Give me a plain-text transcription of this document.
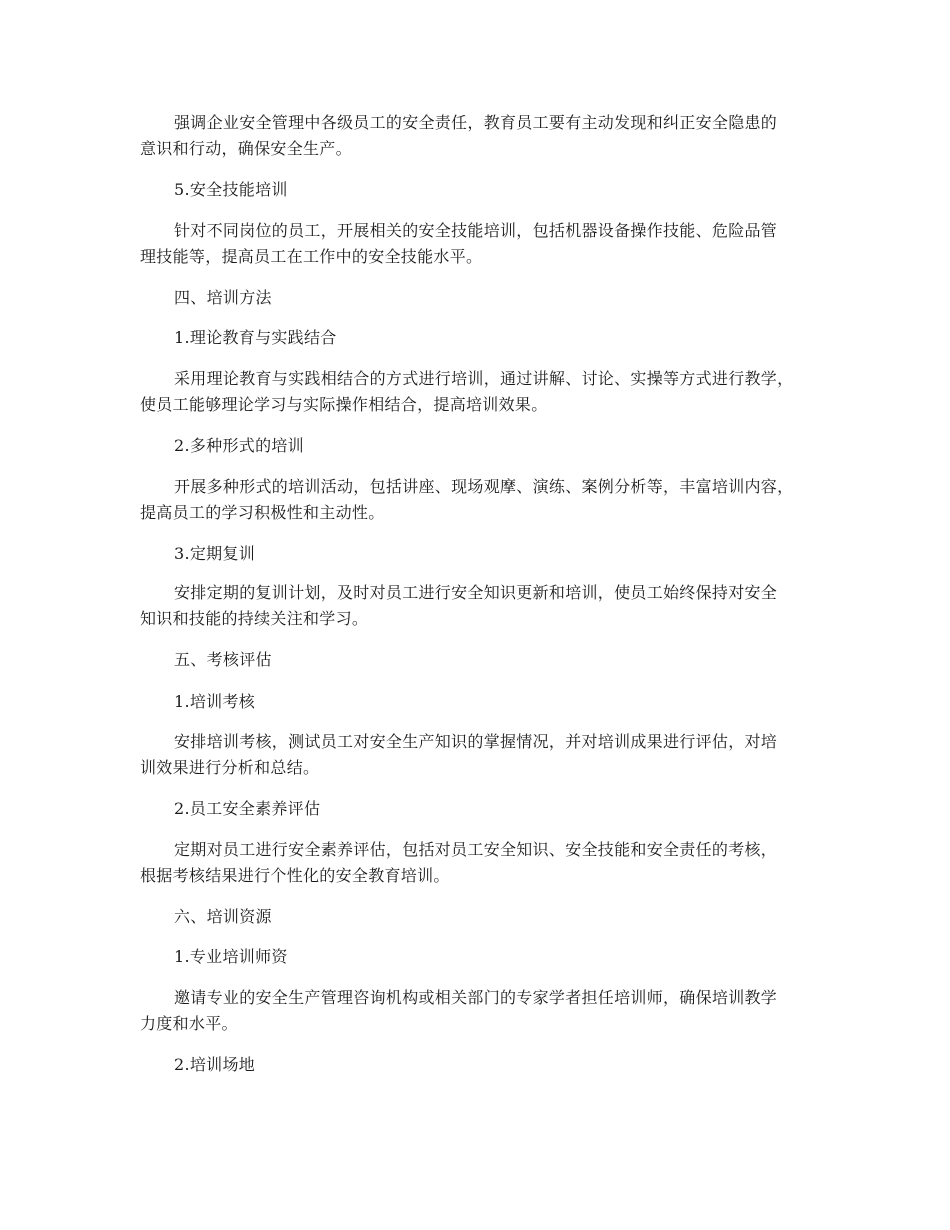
强调企业安全管理中各级员工的安全责任，教育员工要有主动发现和纠正安全隐患的
意识和行动，确保安全生产。
5.安全技能培训
针对不同岗位的员工，开展相关的安全技能培训，包括机器设备操作技能、危险品管
理技能等，提高员工在工作中的安全技能水平。
四、培训方法
1.理论教育与实践结合
采用理论教育与实践相结合的方式进行培训，通过讲解、讨论、实操等方式进行教学，
使员工能够理论学习与实际操作相结合，提高培训效果。
2.多种形式的培训
开展多种形式的培训活动，包括讲座、现场观摩、演练、案例分析等，丰富培训内容，
提高员工的学习积极性和主动性。
3.定期复训
安排定期的复训计划，及时对员工进行安全知识更新和培训，使员工始终保持对安全
知识和技能的持续关注和学习。
五、考核评估
1.培训考核
安排培训考核，测试员工对安全生产知识的掌握情况，并对培训成果进行评估，对培
训效果进行分析和总结。
2.员工安全素养评估
定期对员工进行安全素养评估，包括对员工安全知识、安全技能和安全责任的考核，
根据考核结果进行个性化的安全教育培训。
六、培训资源
1.专业培训师资
邀请专业的安全生产管理咨询机构或相关部门的专家学者担任培训师，确保培训教学
力度和水平。
2.培训场地
